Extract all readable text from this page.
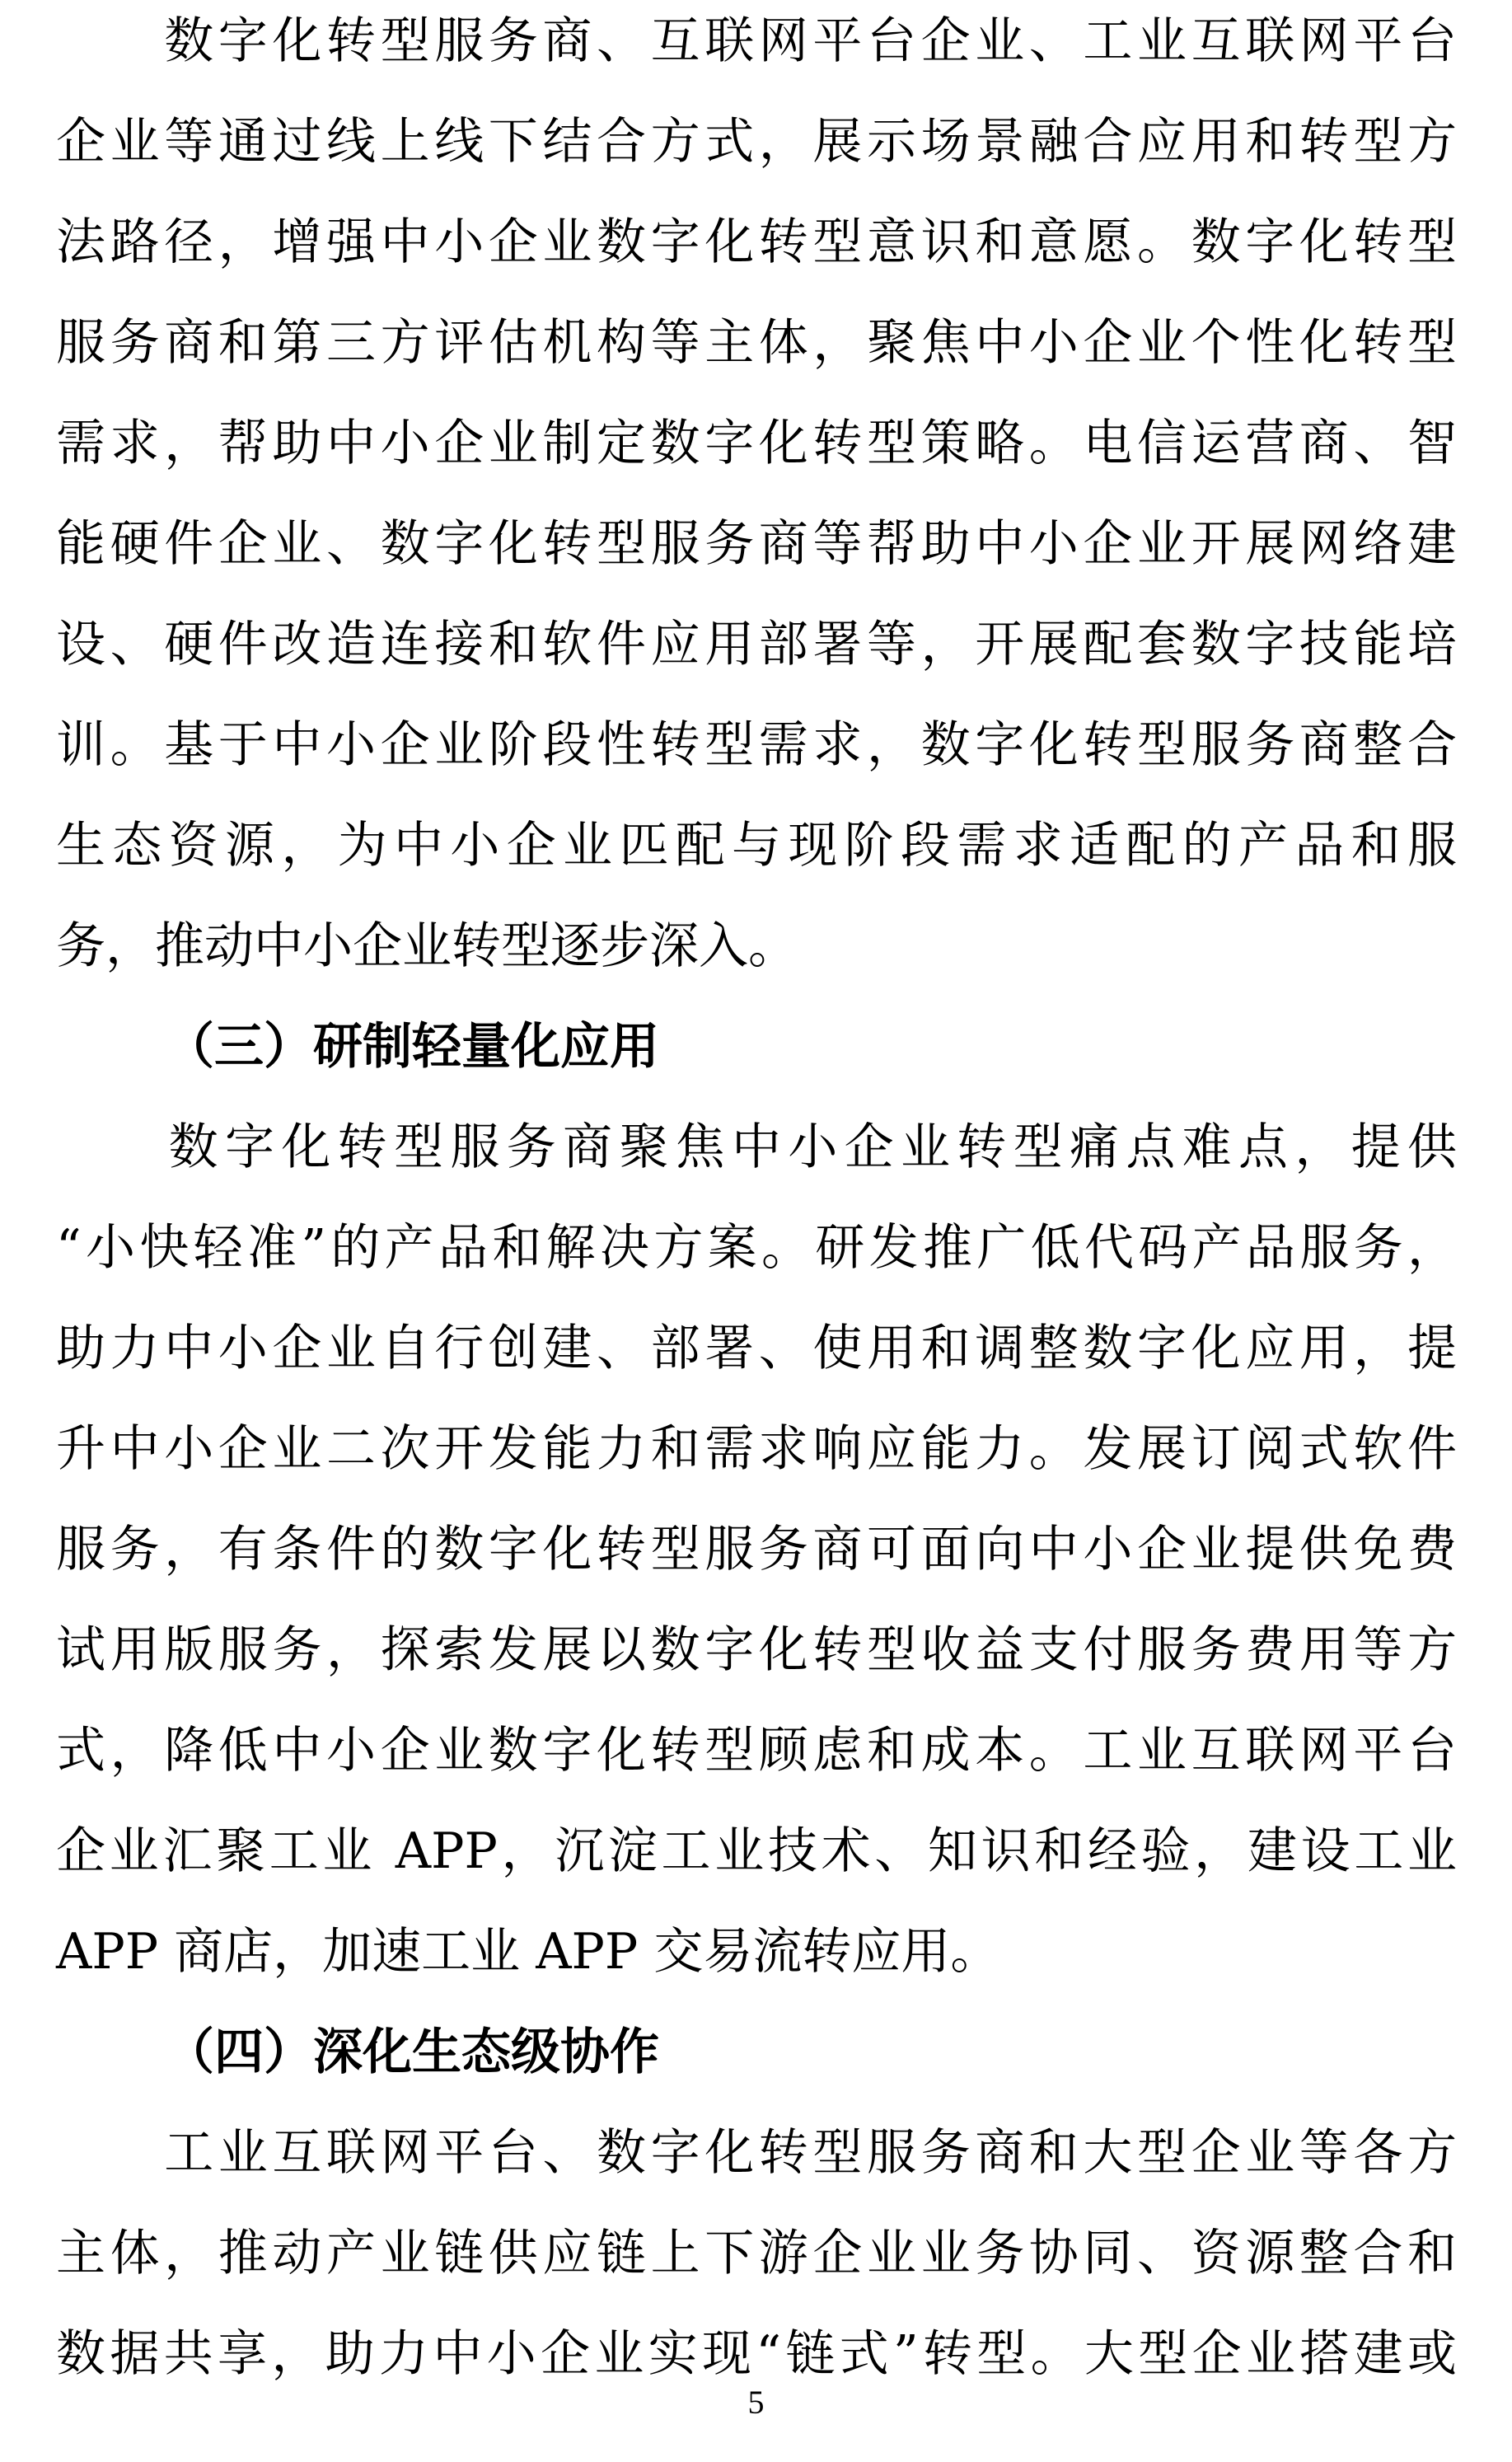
　　数字化转型服务商、互联网平台企业、工业互联网平台
企业等通过线上线下结合方式，展示场景融合应用和转型方
法路径，增强中小企业数字化转型意识和意愿。数字化转型
服务商和第三方评估机构等主体，聚焦中小企业个性化转型
需求，帮助中小企业制定数字化转型策略。电信运营商、智
能硬件企业、数字化转型服务商等帮助中小企业开展网络建
设、硬件改造连接和软件应用部署等，开展配套数字技能培
训。基于中小企业阶段性转型需求，数字化转型服务商整合
生态资源，为中小企业匹配与现阶段需求适配的产品和服
务，推动中小企业转型逐步深入。
（三）研制轻量化应用
　　数字化转型服务商聚焦中小企业转型痛点难点，提供
“小快轻准”的产品和解决方案。研发推广低代码产品服务，
助力中小企业自行创建、部署、使用和调整数字化应用，提
升中小企业二次开发能力和需求响应能力。发展订阅式软件
服务，有条件的数字化转型服务商可面向中小企业提供免费
试用版服务，探索发展以数字化转型收益支付服务费用等方
式，降低中小企业数字化转型顾虑和成本。工业互联网平台
企业汇聚工业 APP，沉淀工业技术、知识和经验，建设工业
APP 商店，加速工业 APP 交易流转应用。
（四）深化生态级协作
　　工业互联网平台、数字化转型服务商和大型企业等各方
主体，推动产业链供应链上下游企业业务协同、资源整合和
数据共享，助力中小企业实现“链式”转型。大型企业搭建或
5
